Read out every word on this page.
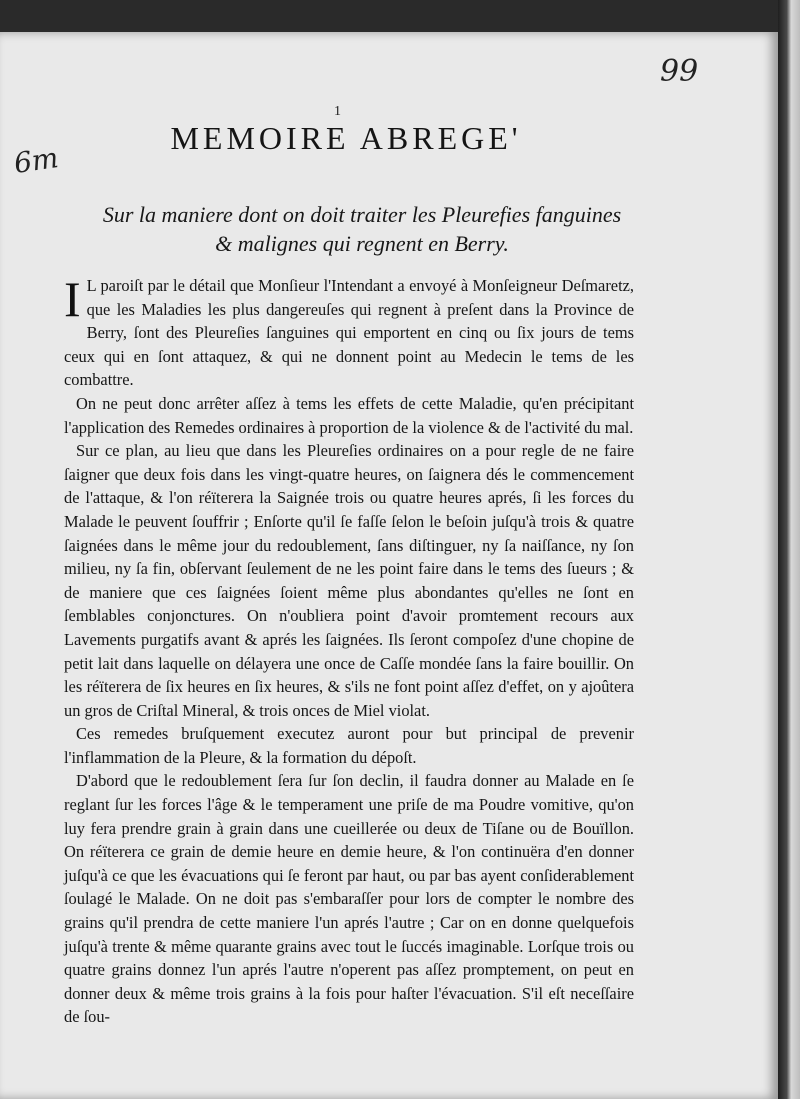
99
6m
1
MEMOIRE ABREGE'
Sur la maniere dont on doit traiter les Pleurefies fanguines
& malignes qui regnent en Berry.

I L paroiſt par le détail que Monſieur l'Intendant a envoyé à Monſeigneur Deſmaretz, que les Maladies les plus dangereuſes qui regnent à preſent dans la Province de Berry, ſont des Pleureſies ſanguines qui emportent en cinq ou ſix jours de tems ceux qui en ſont attaquez, & qui ne donnent point au Medecin le tems de les combattre.

On ne peut donc arrêter aſſez à tems les effets de cette Maladie, qu'en précipitant l'application des Remedes ordinaires à proportion de la violence & de l'activité du mal.

Sur ce plan, au lieu que dans les Pleureſies ordinaires on a pour regle de ne faire ſaigner que deux fois dans les vingt-quatre heures, on ſaignera dés le commencement de l'attaque, & l'on réïterera la Saignée trois ou quatre heures aprés, ſi les forces du Malade le peuvent ſouffrir ; Enſorte qu'il ſe faſſe ſelon le beſoin juſqu'à trois & quatre ſaignées dans le même jour du redoublement, ſans diſtinguer, ny ſa naiſſance, ny ſon milieu, ny ſa fin, obſervant ſeulement de ne les point faire dans le tems des ſueurs ; & de maniere que ces ſaignées ſoient même plus abondantes qu'elles ne ſont en ſemblables conjonctures. On n'oubliera point d'avoir promtement recours aux Lavements purgatifs avant & aprés les ſaignées. Ils ſeront compoſez d'une chopine de petit lait dans laquelle on délayera une once de Caſſe mondée ſans la faire bouillir. On les réïterera de ſix heures en ſix heures, & s'ils ne font point aſſez d'effet, on y ajoûtera un gros de Criſtal Mineral, & trois onces de Miel violat.

Ces remedes bruſquement executez auront pour but principal de prevenir l'inflammation de la Pleure, & la formation du dépoſt.

D'abord que le redoublement ſera ſur ſon declin, il faudra donner au Malade en ſe reglant ſur les forces l'âge & le temperament une priſe de ma Poudre vomitive, qu'on luy fera prendre grain à grain dans une cueillerée ou deux de Tiſane ou de Bouïllon. On réïterera ce grain de demie heure en demie heure, & l'on continuëra d'en donner juſqu'à ce que les évacuations qui ſe feront par haut, ou par bas ayent conſiderablement ſoulagé le Malade. On ne doit pas s'embaraſſer pour lors de compter le nombre des grains qu'il prendra de cette maniere l'un aprés l'autre ; Car on en donne quelquefois juſqu'à trente & même quarante grains avec tout le ſuccés imaginable. Lorſque trois ou quatre grains donnez l'un aprés l'autre n'operent pas aſſez promptement, on peut en donner deux & même trois grains à la fois pour haſter l'évacuation. S'il eſt neceſſaire de ſou-
